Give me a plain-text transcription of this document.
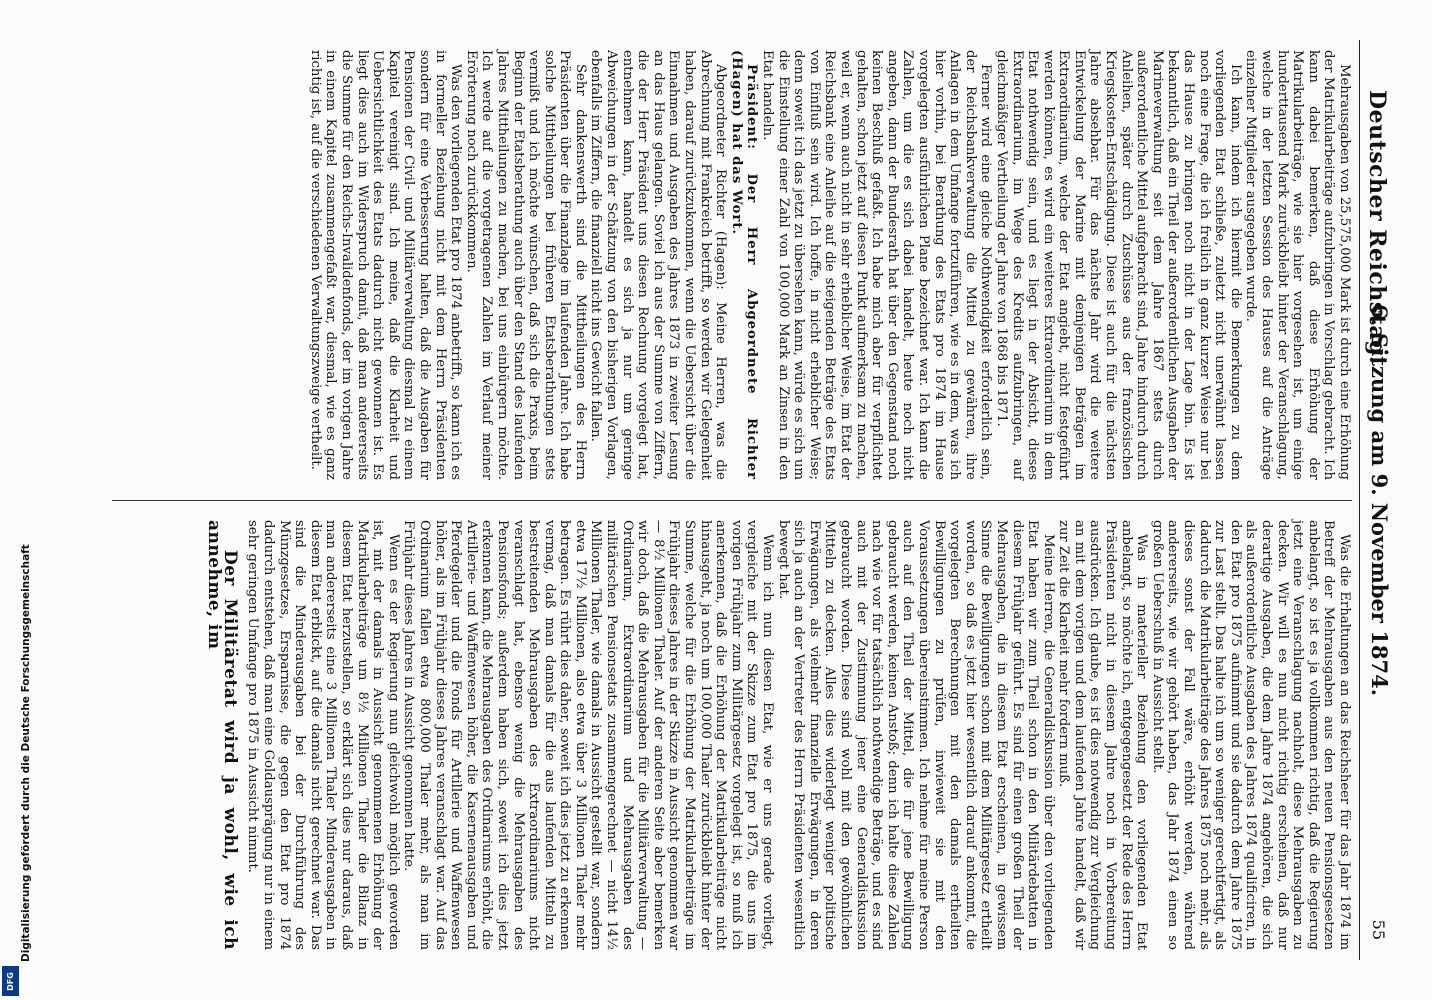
Deutscher Reichstag.
6. Sitzung am 9. November 1874.
55

Mehrausgaben von 25,575,000 Mark ist durch eine Erhöhung der Matrikularbeiträge aufzubringen in Vorschlag gebracht. Ich kann dabei bemerken, daß diese Erhöhung der Matrikularbeiträge, wie sie hier vorgesehen ist, um einige hunderttausend Mark zurückbleibt hinter der Veranschlagung, welche in der letzten Session des Hauses auf die Anträge einzelner Mitglieder ausgegeben wurde.

Ich kann, indem ich hiermit die Bemerkungen zu dem vorliegenden Etat schließe, zuletzt nicht unerwähnt lassen noch eine Frage, die ich freilich in ganz kurzer Weise nur bei das Hause zu bringen noch nicht in der Lage bin. Es ist bekanntlich, daß ein Theil der außerordentlichen Ausgaben der Marineverwaltung seit dem Jahre 1867 stets durch außerordentliche Mittel aufgebracht sind, Jahre hindurch durch Anleihen, später durch Zuschüsse aus der französischen Kriegskosten-Entschädigung. Diese ist auch für die nächsten Jahre absehbar. Für das nächste Jahr wird die weitere Entwickelung der Marine mit demjenigen Beträgen im Extraordinarium, welche der Etat angiebt, nicht festgeführt werden können, es wird ein weiteres Extraordinarium in dem Etat nothwendig sein, und es liegt in der Absicht, dieses Extraordinarium, im Wege des Kredits aufzubringen, auf gleichmäßiger Vertheilung der Jahre von 1868 bis 1871.

Ferner wird eine gleiche Nothwendigkeit erforderlich sein, der Reichsbankverwaltung die Mittel zu gewähren, ihre Anlagen in dem Umfange fortzuführen, wie es in dem, was ich hier vorhin, bei Berathung des Etats pro 1874 im Hause vorgelegten ausführlichen Plane bezeichnet war. Ich kann die Zahlen, um die es sich dabei handelt, heute noch nicht angeben, dann der Bundesrath hat über den Gegenstand noch keinen Beschluß gefaßt. Ich habe mich aber für verpflichtet gehalten, schon jetzt auf diesen Punkt aufmerksam zu machen, weil er, wenn auch nicht in sehr erheblicher Weise, im Etat der Reichsbank eine Anleihe auf die steigenden Beträge des Etats von Einfluß sein wird. Ich hoffe, in nicht erheblicher Weise; denn soweit ich das jetzt zu übersehen kann, würde es sich um die Einstellung einer Zahl von 100,000 Mark an Zinsen in den Etat handeln.

Präsident: Der Herr Abgeordnete Richter (Hagen) hat das Wort.

Abgeordneter Richter (Hagen): Meine Herren, was die Abrechnung mit Frankreich betrifft, so werden wir Gelegenheit haben, darauf zurückzukommen, wenn die Uebersicht über die Einnahmen und Ausgaben des Jahres 1873 in zweiter Lesung an das Haus gelangen. Soviel ich aus der Summe von Ziffern, die der Herr Präsident uns diesen Rechnung vorgelegt hat, entnehmen kann, handelt es sich ja nur um geringe Abweichungen in der Schätzung von den bisherigen Vorlagen, ebenfalls im Ziffern, die finanziell nicht ins Gewicht fallen.

Sehr dankenswerth sind die Mittheilungen des Herrn Präsidenten über die Finanzlage im laufenden Jahre. Ich habe solche Mittheilungen bei früheren Etatsberathungen stets vermißt und ich möchte wünschen, daß sich die Praxis, beim Beginn der Etatsberathung auch über den Stand des laufenden Jahres Mittheilungen zu machen, bei uns einbürgern möchte. Ich werde auf die vorgetragenen Zahlen im Verlauf meiner Erörterung noch zurückkommen.

Was den vorliegenden Etat pro 1874 anbetrifft, so kann ich es in formeller Beziehung nicht mit dem Herrn Präsidenten sondern für eine Verbesserung halten, daß die Ausgaben für Pensionen der Civil- und Militärverwaltung diesmal zu einem Kapitel vereinigt sind. Ich meine, daß die Klarheit und Uebersichtlichkeit des Etats dadurch nicht gewonnen ist. Es liegt dies auch im Widerspruch damit, daß man andererseits die Summe für den Reichs-Invalidenfonds, der im vorigen Jahre in einem Kapitel zusammengefaßt war, diesmal, wie es ganz richtig ist, auf die verschiedenen Verwaltungszweige vertheilt.

Was die Erhaltungen an das Reichsheer für das Jahr 1874 im Betreff der Mehrausgaben aus den neuen Pensionsgesetzen anbelangt, so ist es ja vollkommen richtig, daß die Regierung jetzt eine Veranschlagung nachholt, diese Mehrausgaben zu decken. Wir will es nun nicht richtig erscheinen, daß nur derartige Ausgaben, die dem Jahre 1874 angehören, die sich als außerordentliche Ausgaben des Jahres 1874 qualificiren, in den Etat pro 1875 aufnimmt und sie dadurch dem Jahre 1875 zur Last stellt. Das halte ich um so weniger gerechtfertigt, als dadurch die Matrikularbeiträge des Jahres 1875 noch mehr, als dieses sonst der Fall wäre, erhöht werden, während andererseits, wie wir gehört haben, das Jahr 1874 einen so großen Ueberschuß in Aussicht stellt.

Was in materieller Beziehung den vorliegenden Etat anbelangt, so möchte ich, entgegengesetzt der Rede des Herrn Präsidenten nicht in diesem Jahre noch in Vorbereitung ausdrücken. Ich glaube, es ist dies notwendig zur Vergleichung an mit dem vorigen und dem laufenden Jahre handelt, daß wir zur Zeit die Klarheit mehr fordern muß.

Meine Herren, die Generaldiskussion über den vorliegenden Etat haben wir zum Theil schon in den Militärdebatten in diesem Frühjahr geführt. Es sind für einen großen Theil der Mehrausgaben, die in diesem Etat erscheinen, in gewissem Sinne die Bewilligungen schon mit dem Militärgesetz ertheilt worden, so daß es jetzt hier wesentlich darauf ankommt, die vorgelegten Berechnungen mit den damals ertheilten Bewilligungen zu prüfen, inwieweit sie mit den Voraussetzungen übereinstimmen. Ich nehme für meine Person auch auf den Theil der Mittel, die für jene Bewilligung gebraucht werden, keinen Anstoß; denn ich halte diese Zahlen nach wie vor für tatsächlich nothwendige Beträge, und es sind auch mit der Zustimmung jener eine Generaldiskussion gebraucht worden. Diese sind wohl mit den gewöhnlichen Mitteln zu decken. Alles dies widerlegt weniger politische Erwägungen, als vielmehr finanzielle Erwägungen, in deren sich ja auch an der Vertreter des Herrn Präsidenten wesentlich bewegt hat.

Wenn ich nun diesen Etat, wie er uns gerade vorliegt, vergleiche mit der Skizze zum Etat pro 1875, die uns im vorigen Frühjahr zum Militärgesetz vorgelegt ist, so muß ich anerkennen, daß die Erhöhung der Matrikularbeiträge nicht hinausgeht, ja noch um 100,000 Thaler zurückbleibt hinter der Summe, welche für die Erhöhung der Matrikularbeiträge im Frühjahr dieses Jahres in der Skizze in Aussicht genommen war — 8½ Millionen Thaler. Auf der anderen Seite aber bemerken wir doch, daß die Mehrausgaben für die Militärverwaltung — Ordinarium, Extraordinarium und Mehrausgaben des militärischen Pensionsetats zusammengerechnet — nicht 14½ Millionen Thaler, wie damals in Aussicht gestellt war, sondern etwa 17½ Millionen, also etwa über 3 Millionen Thaler mehr betragen. Es rührt dies daher, soweit ich dies jetzt zu erkennen vermag, daß man damals für die aus laufenden Mitteln zu bestreitenden Mehrausgaben des Extraordinariums nicht veranschlagt hat, ebenso wenig die Mehrausgaben des Pensionsfonds; außerdem haben sich, soweit ich dies jetzt erkennen kann, die Mehrausgaben des Ordinariums erhöht, die Artillerie- und Waffenwesen höher, die Kasernenausgaben und Pferdegelder und die Fonds für Artillerie und Waffenwesen höher, als im Frühjahr dieses Jahres veranschlagt war. Auf das Ordinarium fallen etwa 800,000 Thaler mehr, als man im Frühjahr dieses Jahres in Aussicht genommen hatte.

Wenn es der Regierung nun gleichwohl möglich geworden ist, mit der damals in Aussicht genommenen Erhöhung der Matrikularbeiträge um 8½ Millionen Thaler die Bilanz in diesem Etat herzustellen, so erklärt sich dies nur daraus, daß man andererseits eine 3 Millionen Thaler Minderausgaben in diesem Etat erblickt, auf die damals nicht gerechnet war. Das sind die Minderausgaben bei der Durchführung des Münzgesetzes, Ersparnisse, die gegen den Etat pro 1874 dadurch entstehen, daß man eine Goldausprägung nur in einem sehr geringen Umfange pro 1875 in Aussicht nimmt.

Der Militäretat wird ja wohl, wie ich annehme, im

Digitalisierung gefördert durch die Deutsche Forschungsgemeinschaft
DFG
